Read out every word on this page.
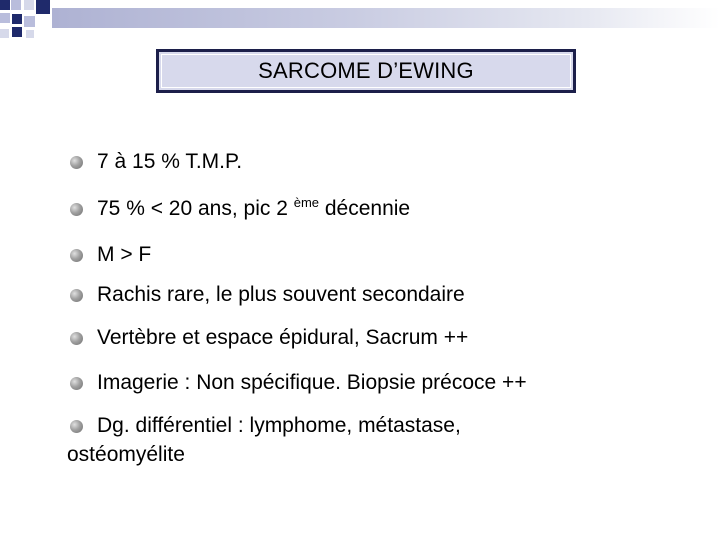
SARCOME D’EWING
7 à 15 % T.M.P.
75 % < 20 ans, pic 2 $^{ème}$ décennie
M > F
Rachis rare, le plus souvent secondaire
Vertèbre et espace épidural, Sacrum ++
Imagerie : Non spécifique. Biopsie précoce ++
Dg. différentiel : lymphome, métastase,
ostéomyélite
